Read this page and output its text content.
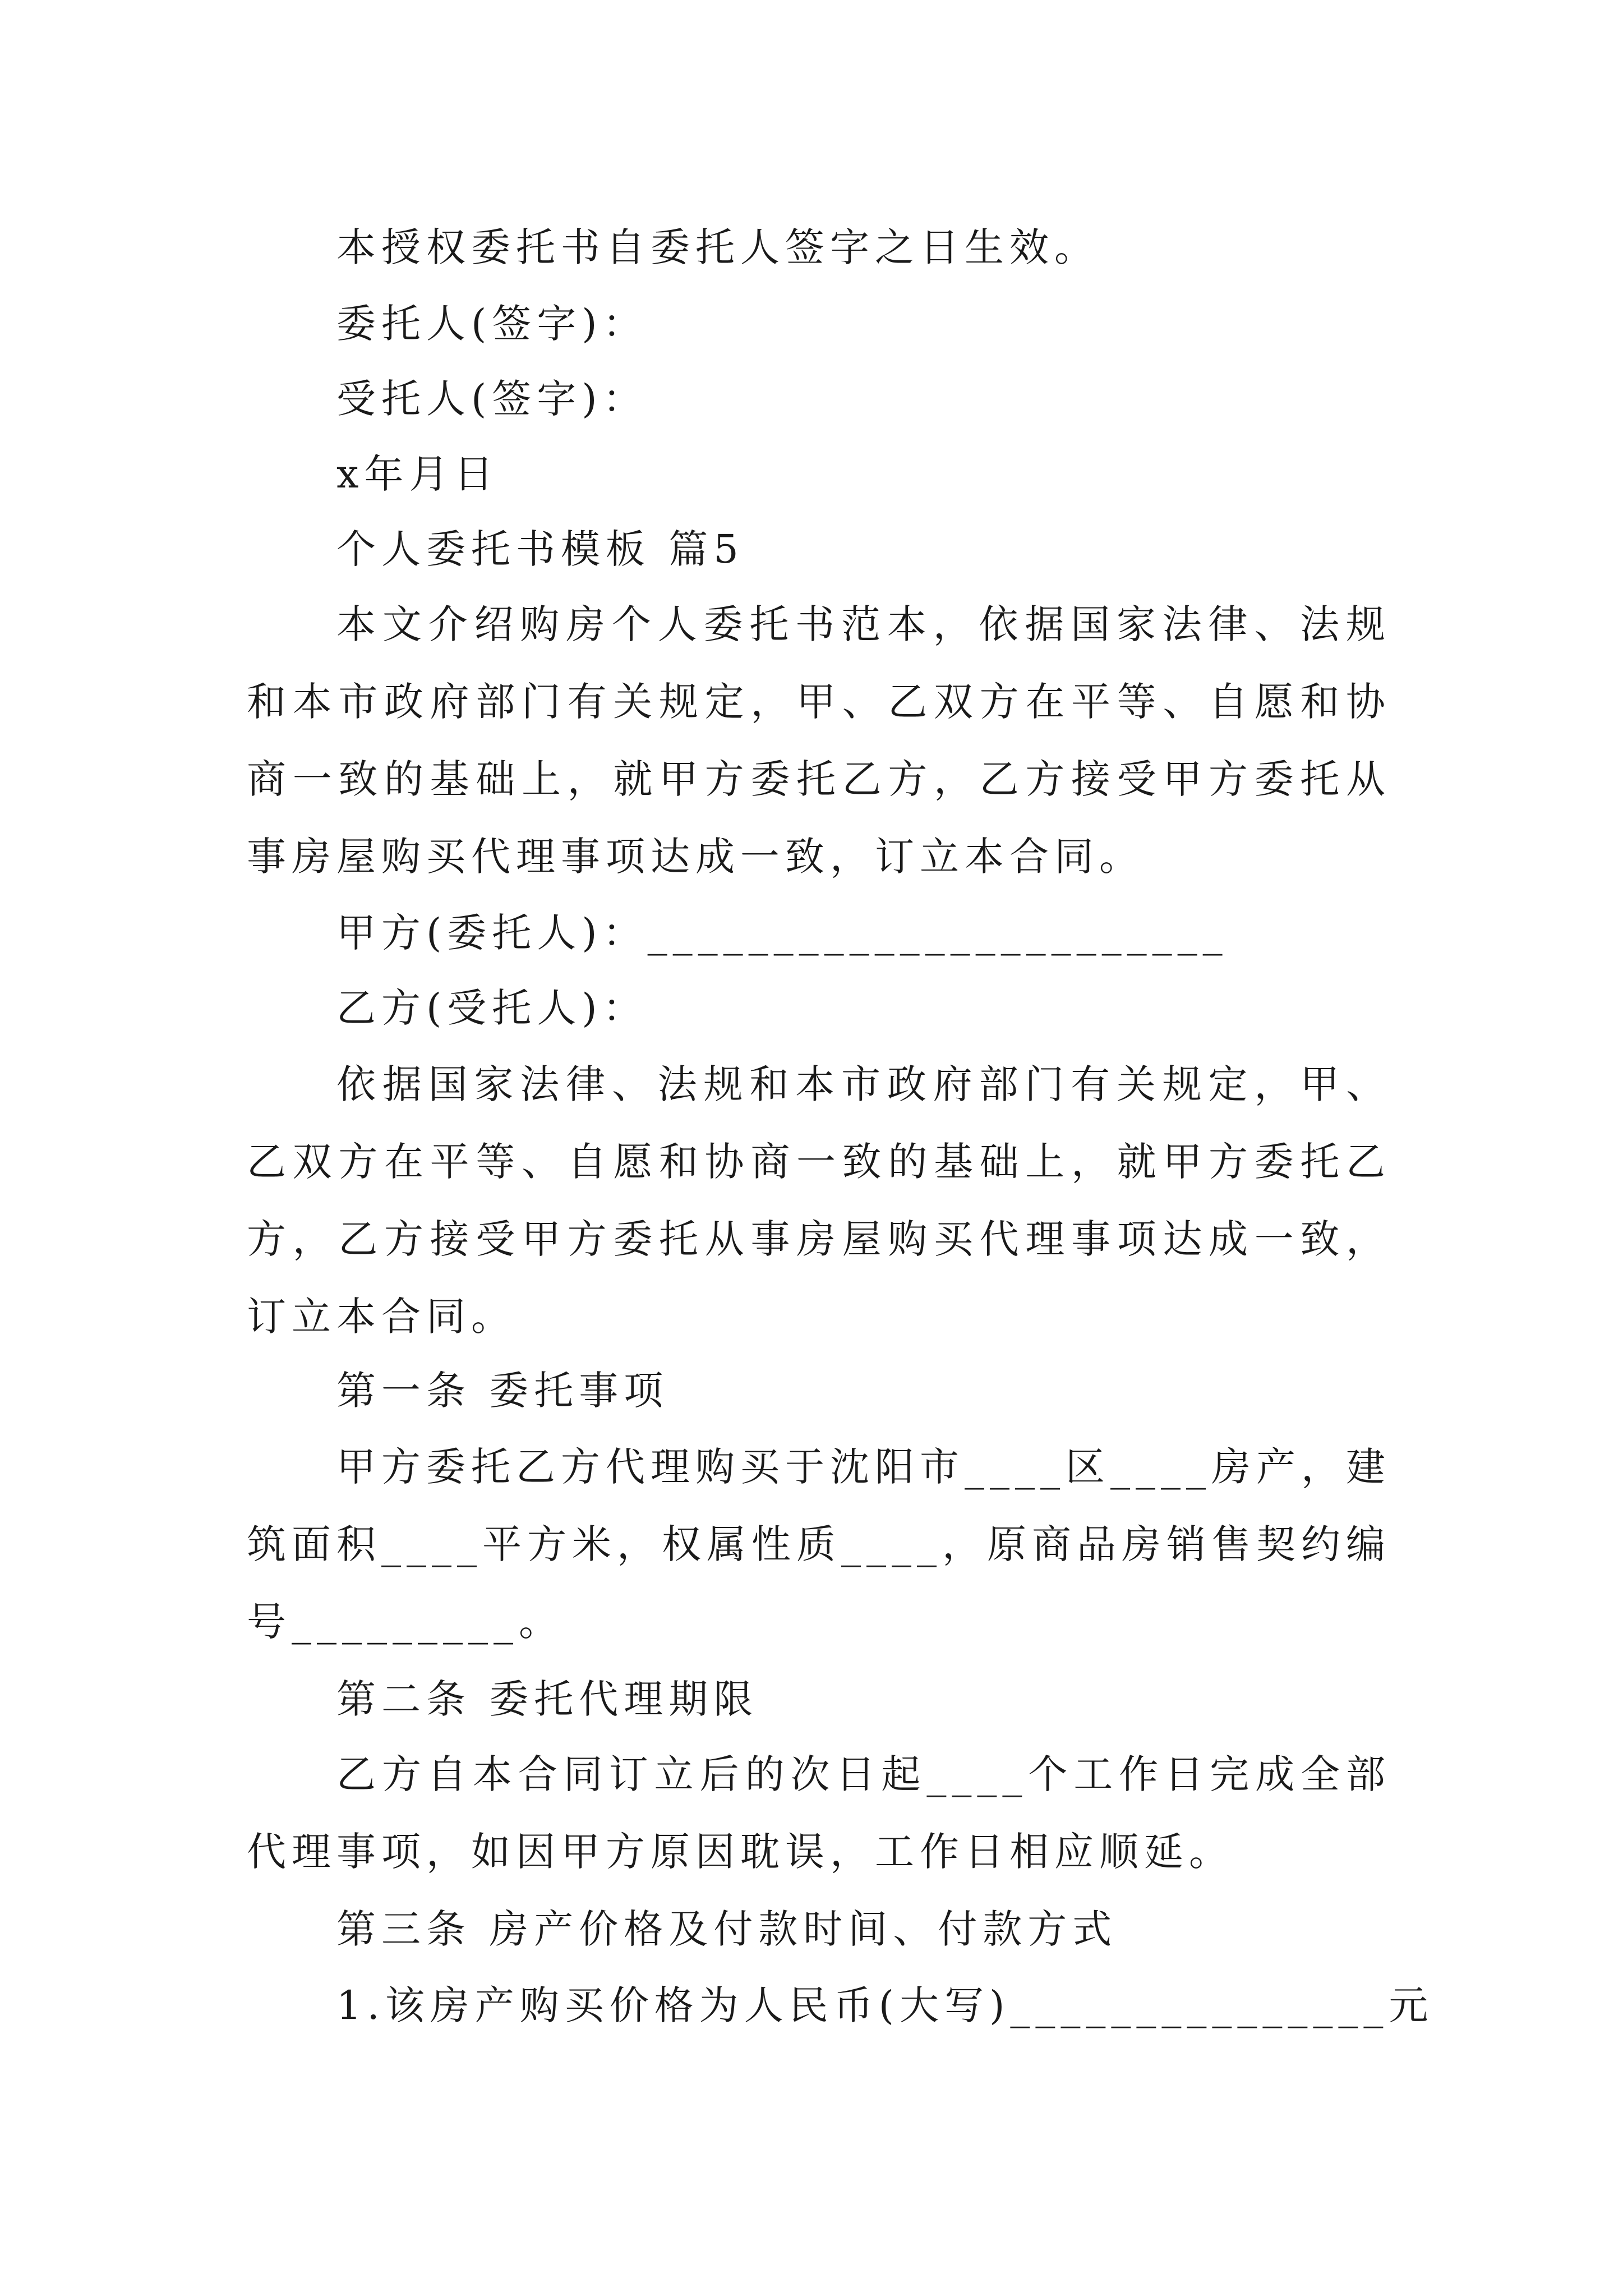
本授权委托书自委托人签字之日生效。
委托人(签字)：
受托人(签字)：
x年月日
个人委托书模板 篇5
本文介绍购房个人委托书范本，依据国家法律、法规和本市政府部门有关规定，甲、乙双方在平等、自愿和协商一致的基础上，就甲方委托乙方，乙方接受甲方委托从事房屋购买代理事项达成一致，订立本合同。
甲方(委托人)：_______________________
乙方(受托人)：
依据国家法律、法规和本市政府部门有关规定，甲、乙双方在平等、自愿和协商一致的基础上，就甲方委托乙方，乙方接受甲方委托从事房屋购买代理事项达成一致，订立本合同。
第一条 委托事项
甲方委托乙方代理购买于沈阳市____区____房产，建筑面积____平方米，权属性质____，原商品房销售契约编号_________。
第二条 委托代理期限
乙方自本合同订立后的次日起____个工作日完成全部代理事项，如因甲方原因耽误，工作日相应顺延。
第三条 房产价格及付款时间、付款方式
1.该房产购买价格为人民币(大写)_______________元
